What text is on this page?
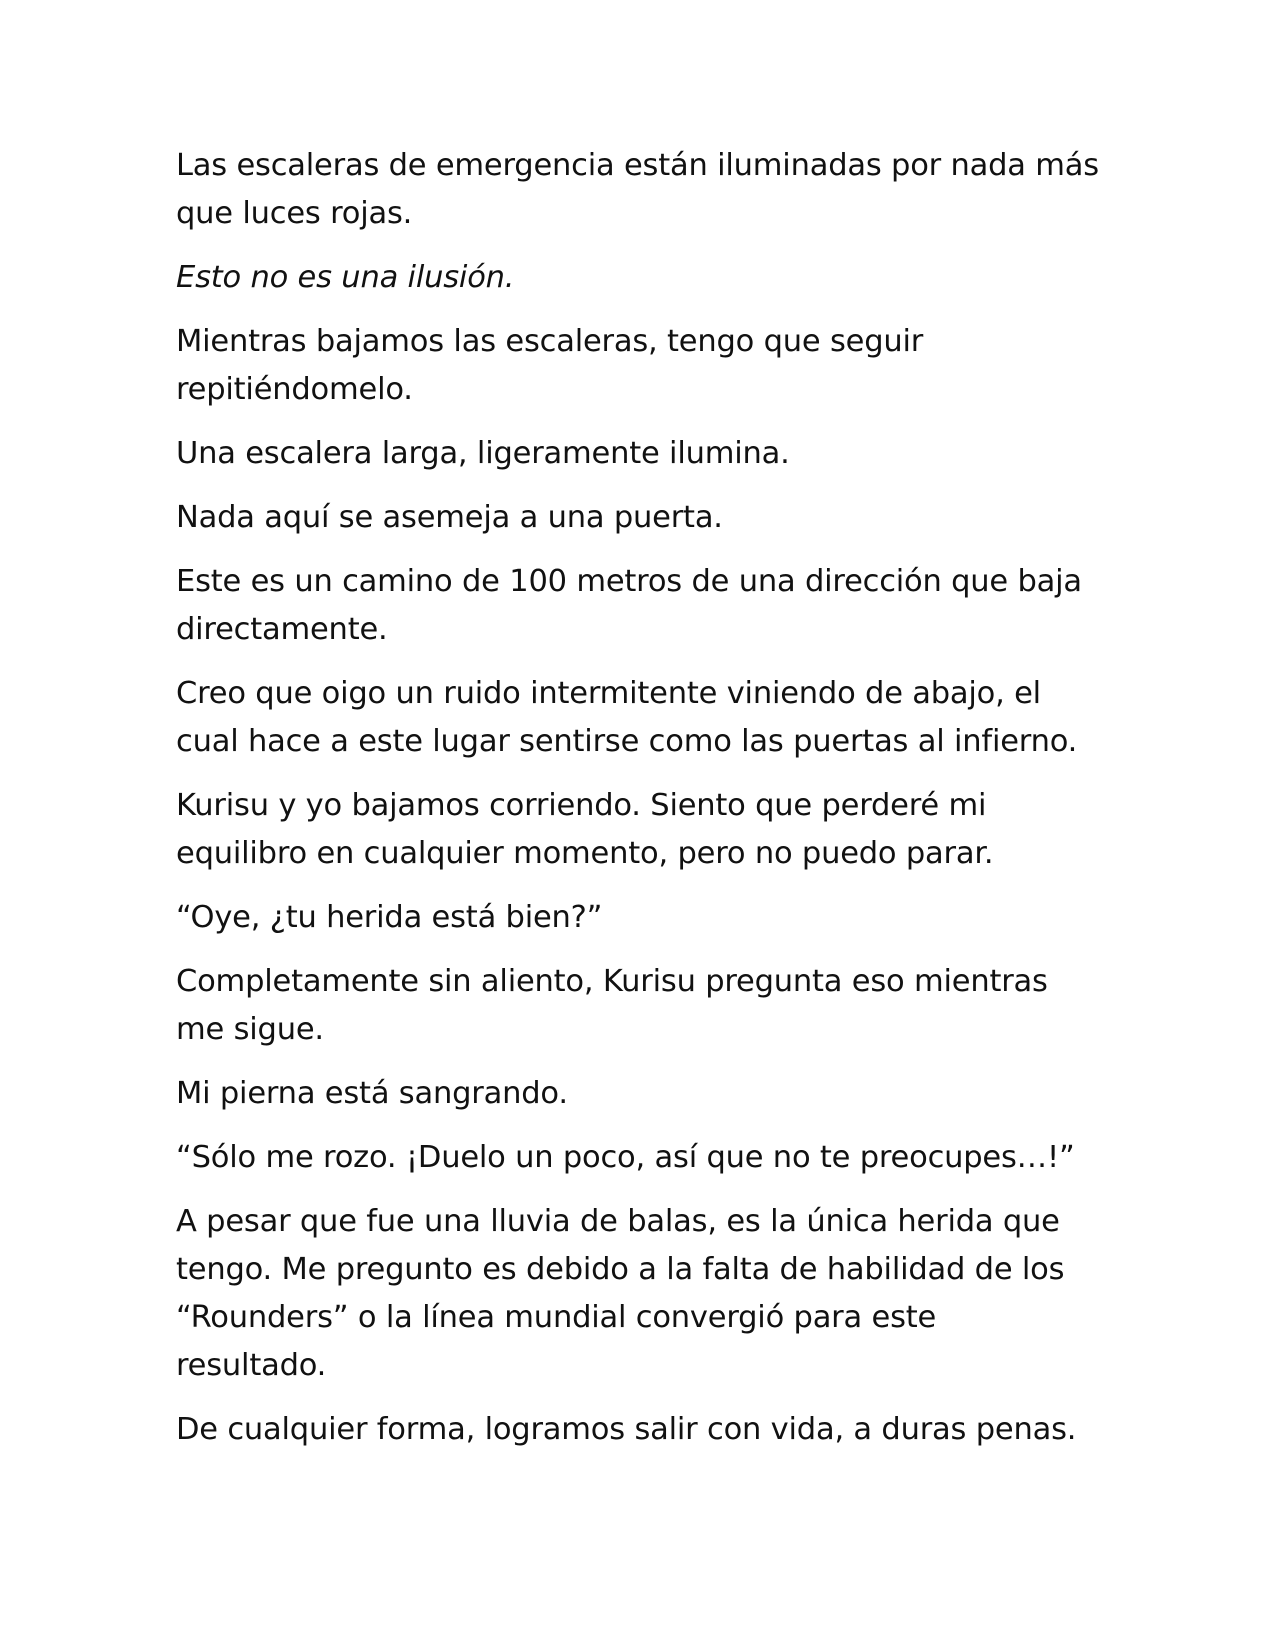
Las escaleras de emergencia están iluminadas por nada más
que luces rojas.

Esto no es una ilusión.

Mientras bajamos las escaleras, tengo que seguir
repitiéndomelo.

Una escalera larga, ligeramente ilumina.

Nada aquí se asemeja a una puerta.

Este es un camino de 100 metros de una dirección que baja
directamente.

Creo que oigo un ruido intermitente viniendo de abajo, el
cual hace a este lugar sentirse como las puertas al infierno.

Kurisu y yo bajamos corriendo. Siento que perderé mi
equilibro en cualquier momento, pero no puedo parar.

“Oye, ¿tu herida está bien?”

Completamente sin aliento, Kurisu pregunta eso mientras
me sigue.

Mi pierna está sangrando.

“Sólo me rozo. ¡Duelo un poco, así que no te preocupes…!”

A pesar que fue una lluvia de balas, es la única herida que
tengo. Me pregunto es debido a la falta de habilidad de los
“Rounders” o la línea mundial convergió para este
resultado.

De cualquier forma, logramos salir con vida, a duras penas.
